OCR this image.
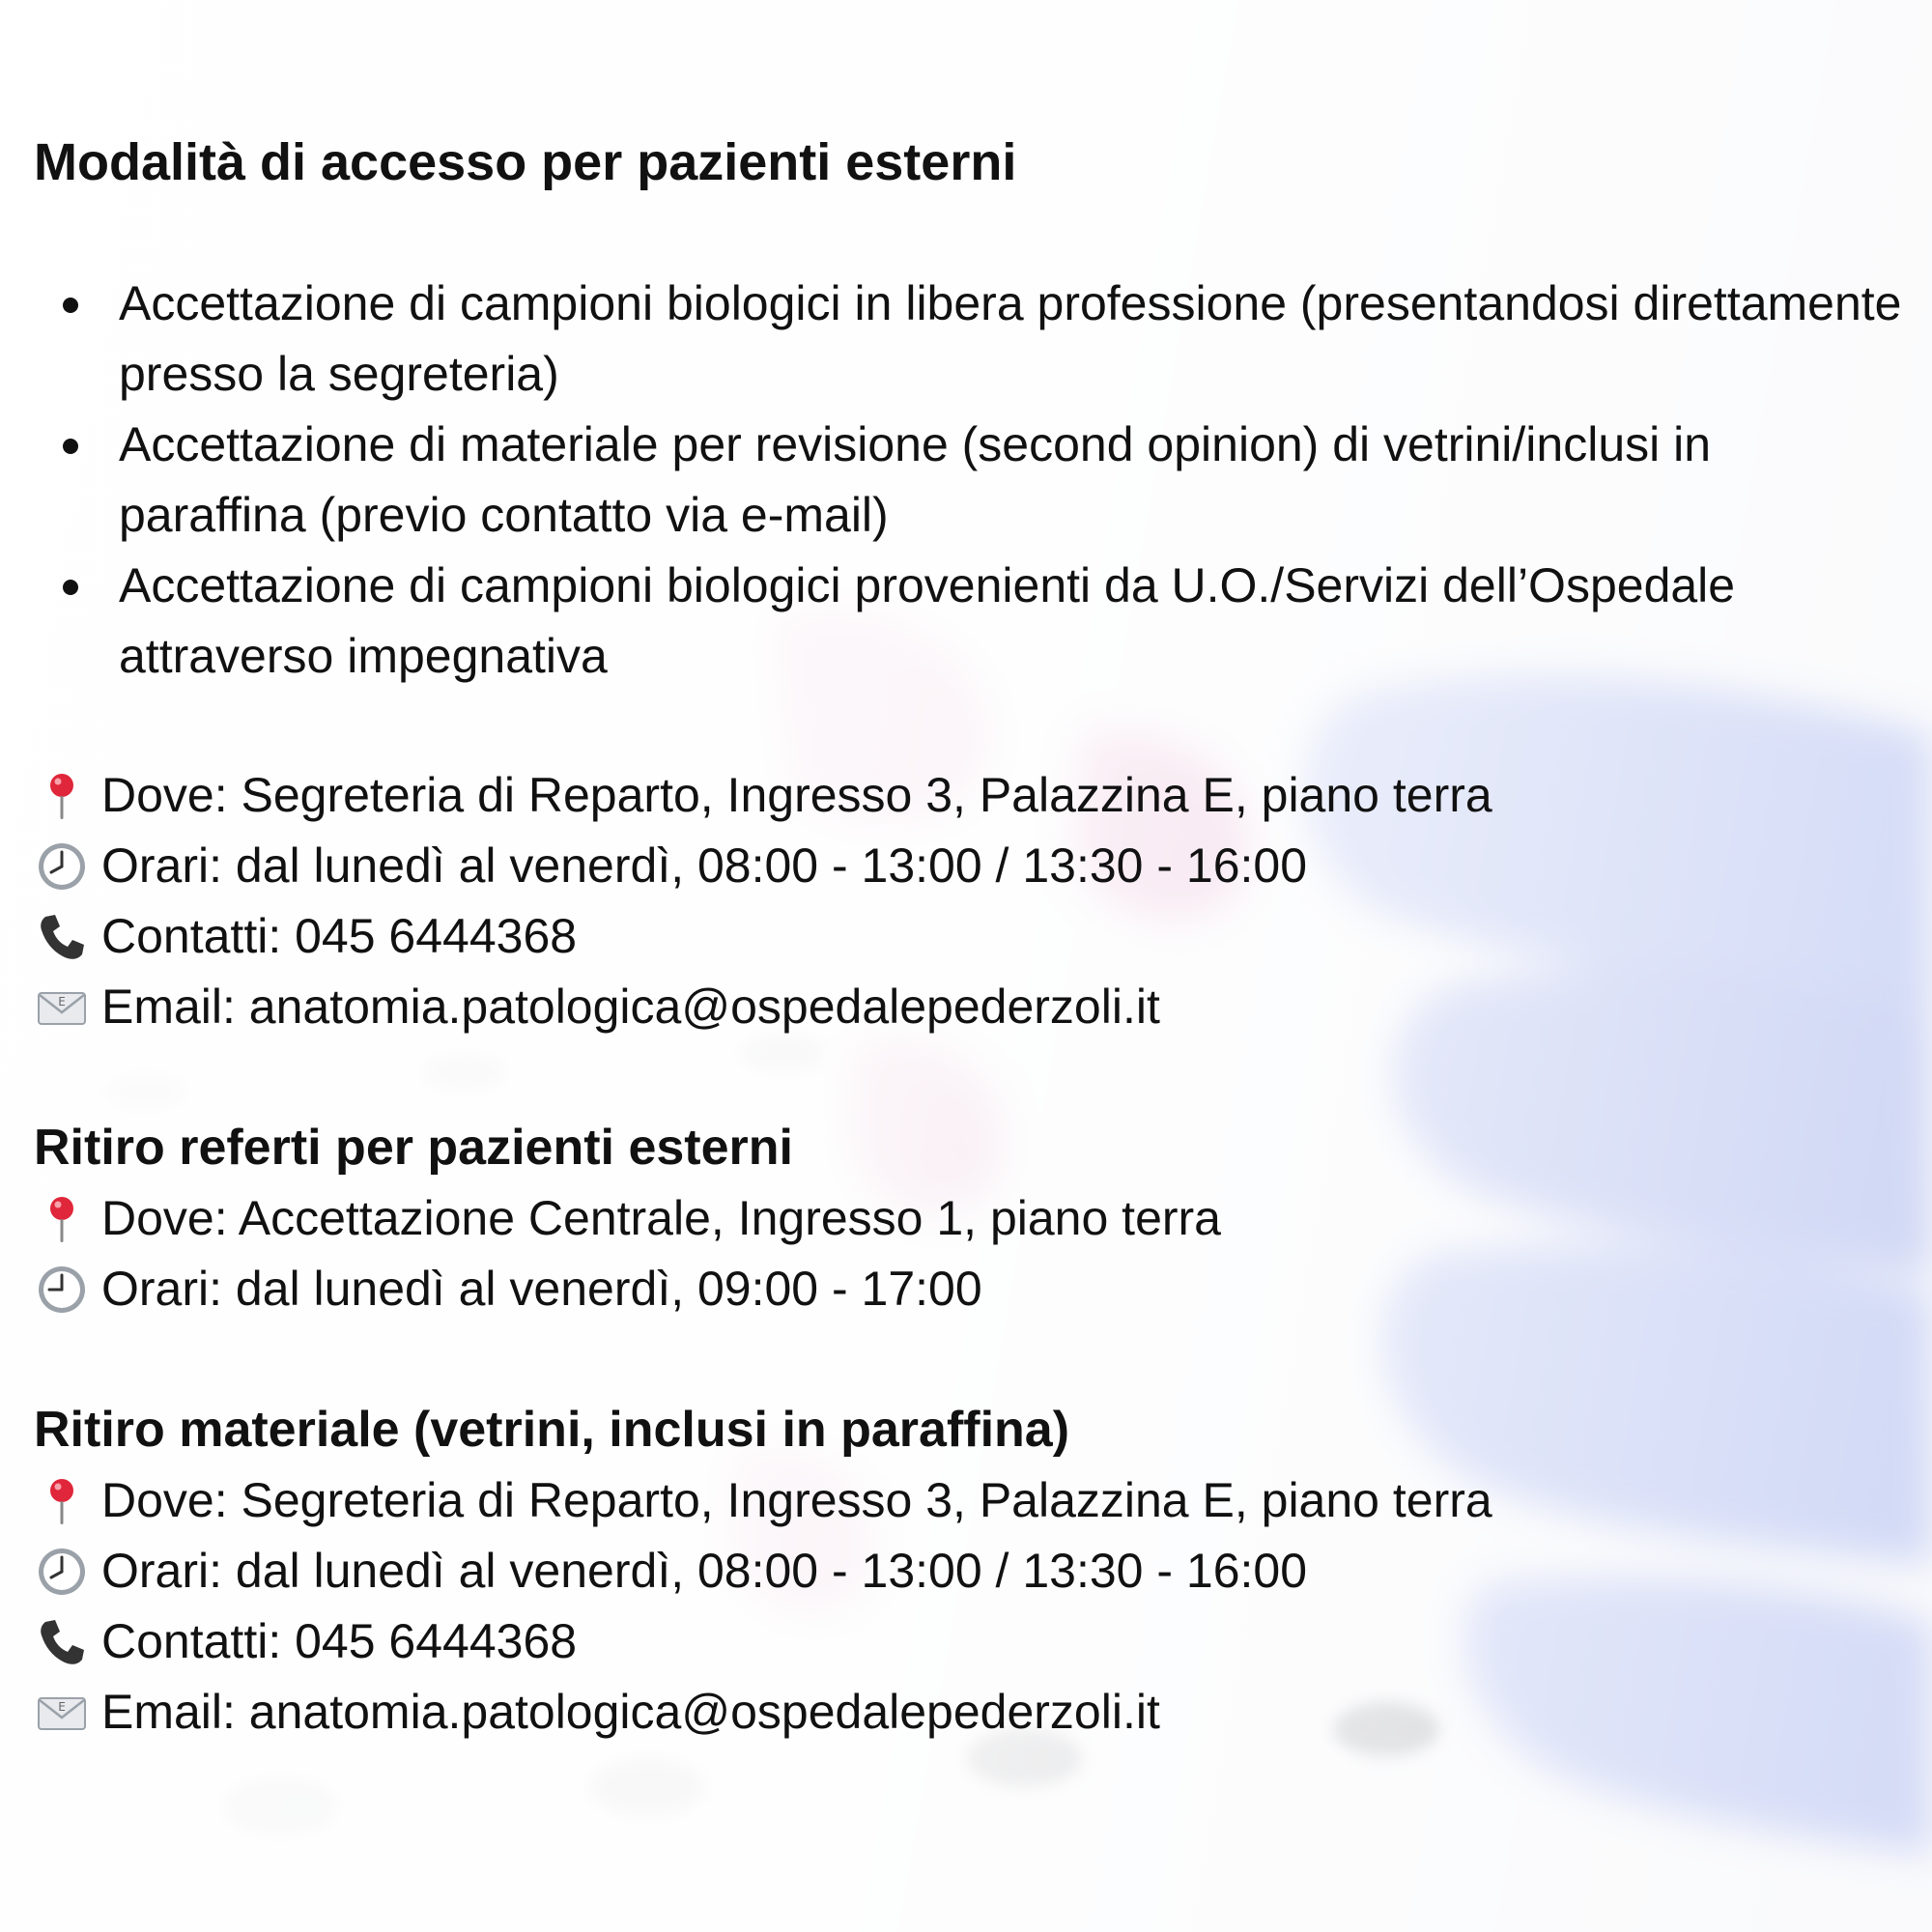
Modalità di accesso per pazienti esterni
Accettazione di campioni biologici in libera professione (presentandosi direttamente presso la segreteria)
Accettazione di materiale per revisione (second opinion) di vetrini/inclusi in paraffina (previo contatto via e-mail)
Accettazione di campioni biologici provenienti da U.O./Servizi dell’Ospedale attraverso impegnativa
Dove: Segreteria di Reparto, Ingresso 3, Palazzina E, piano terra
Orari: dal lunedì al venerdì, 08:00 - 13:00 / 13:30 - 16:00
Contatti: 045 6444368
E Email: anatomia.patologica@ospedalepederzoli.it
Ritiro referti per pazienti esterni
Dove: Accettazione Centrale, Ingresso 1, piano terra
Orari: dal lunedì al venerdì, 09:00 - 17:00
Ritiro materiale (vetrini, inclusi in paraffina)
Dove: Segreteria di Reparto, Ingresso 3, Palazzina E, piano terra
Orari: dal lunedì al venerdì, 08:00 - 13:00 / 13:30 - 16:00
Contatti: 045 6444368
E Email: anatomia.patologica@ospedalepederzoli.it
